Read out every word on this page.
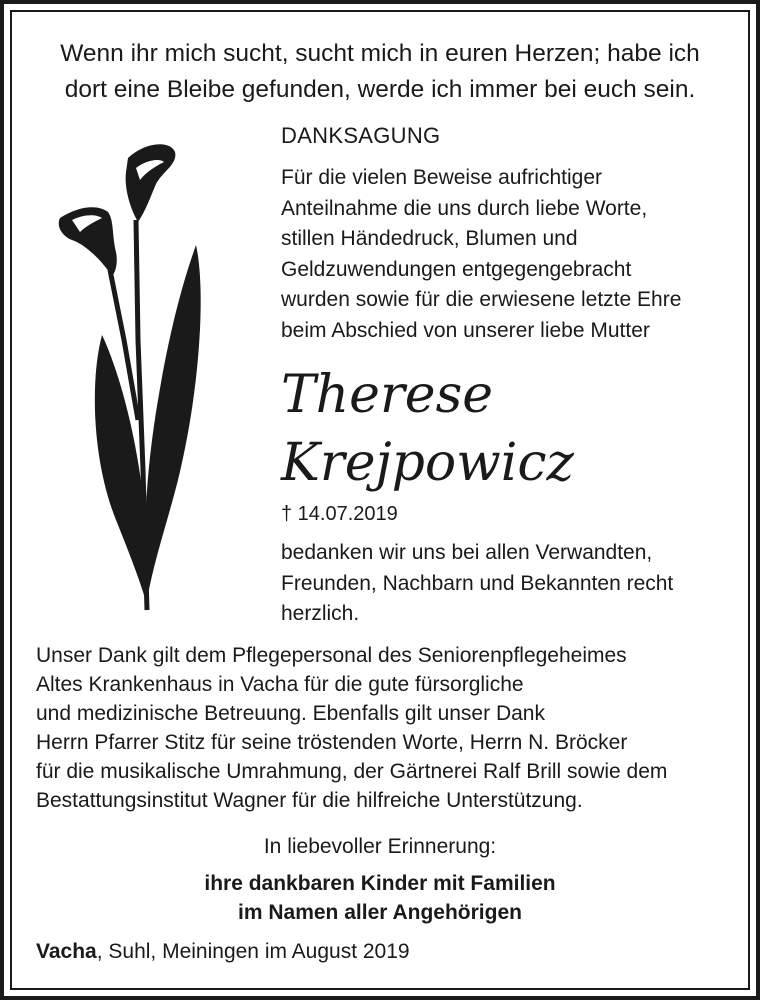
Wenn ihr mich sucht, sucht mich in euren Herzen; habe ich
dort eine Bleibe gefunden, werde ich immer bei euch sein.
DANKSAGUNG
Für die vielen Beweise aufrichtiger
Anteilnahme die uns durch liebe Worte,
stillen Händedruck, Blumen und
Geldzuwendungen entgegengebracht
wurden sowie für die erwiesene letzte Ehre
beim Abschied von unserer liebe Mutter
Therese
Krejpowicz
† 14.07.2019
bedanken wir uns bei allen Verwandten,
Freunden, Nachbarn und Bekannten recht
herzlich.
Unser Dank gilt dem Pflegepersonal des Seniorenpflegeheimes
Altes Krankenhaus in Vacha für die gute fürsorgliche
und medizinische Betreuung. Ebenfalls gilt unser Dank
Herrn Pfarrer Stitz für seine tröstenden Worte, Herrn N. Bröcker
für die musikalische Umrahmung, der Gärtnerei Ralf Brill sowie dem
Bestattungsinstitut Wagner für die hilfreiche Unterstützung.
In liebevoller Erinnerung:
ihre dankbaren Kinder mit Familien
im Namen aller Angehörigen
Vacha, Suhl, Meiningen im August 2019
